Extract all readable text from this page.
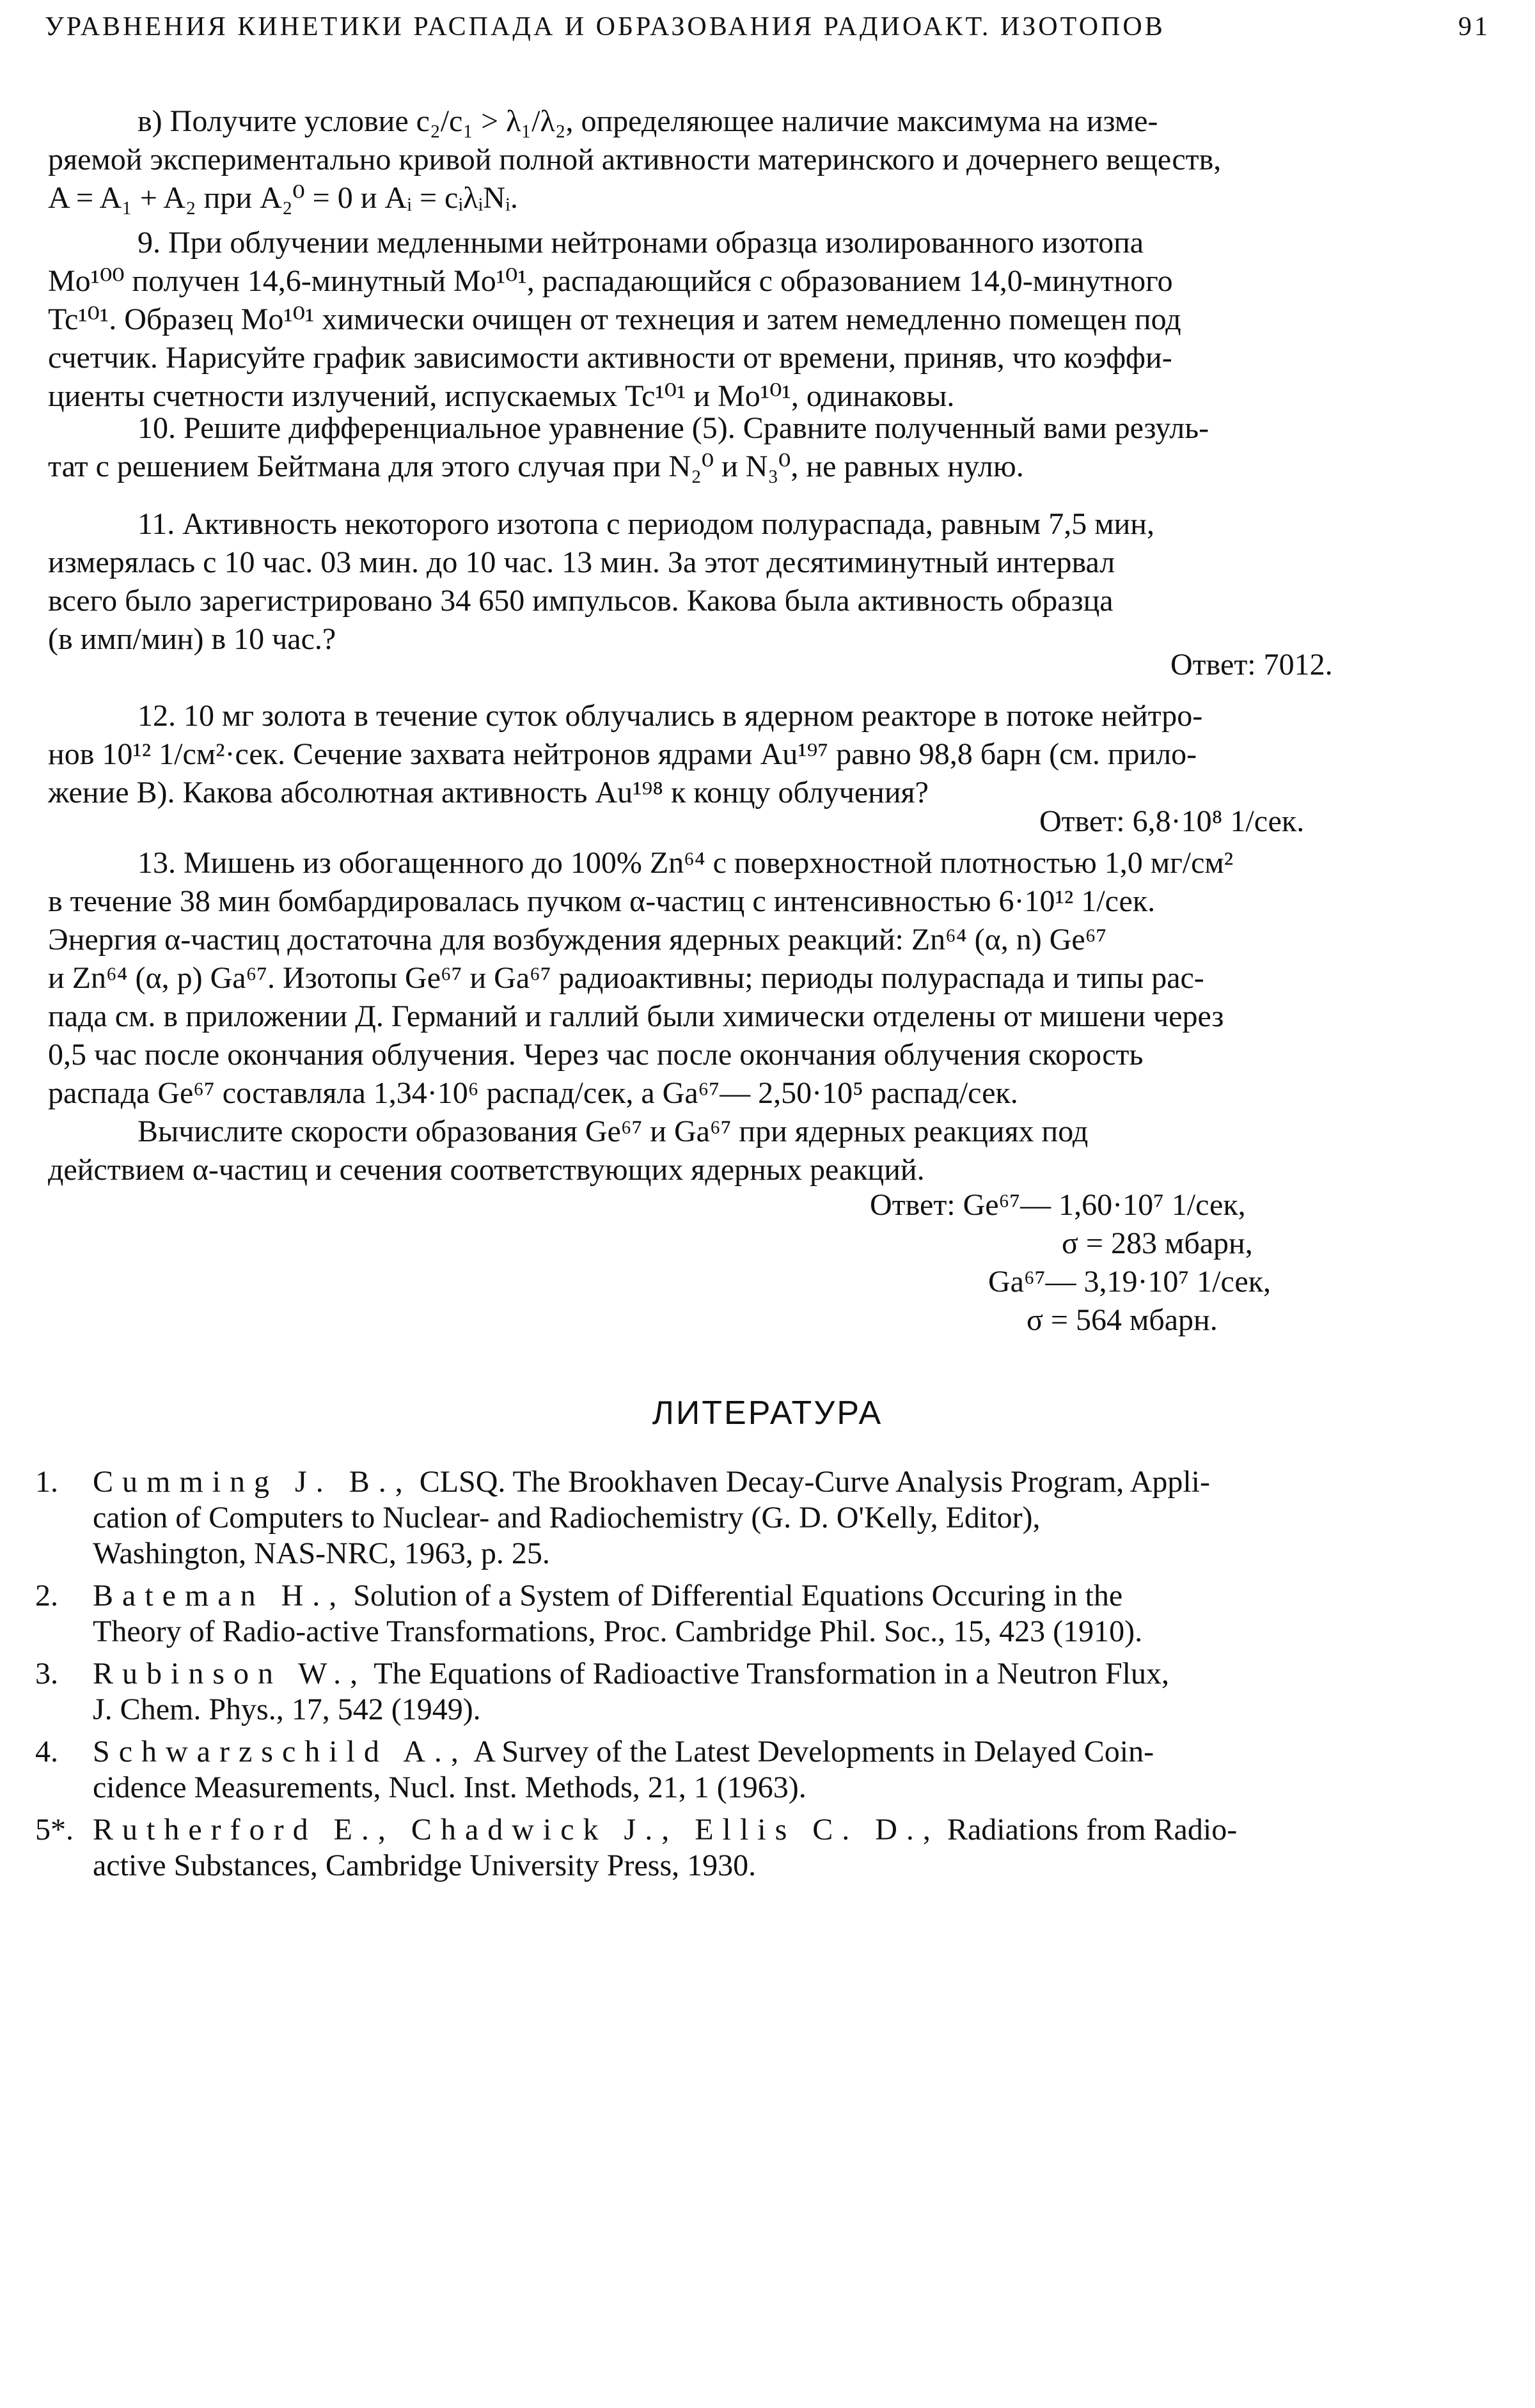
УРАВНЕНИЯ КИНЕТИКИ РАСПАДА И ОБРАЗОВАНИЯ РАДИОАКТ. ИЗОТОПОВ	91
в) Получите условие c₂/c₁ > λ₁/λ₂, определяющее наличие максимума на изме-
ряемой экспериментально кривой полной активности материнского и дочернего веществ,
A = A₁ + A₂ при A₂⁰ = 0 и Aᵢ = cᵢλᵢNᵢ.
9. При облучении медленными нейтронами образца изолированного изотопа
Mo¹⁰⁰ получен 14,6-минутный Mo¹⁰¹, распадающийся с образованием 14,0-минутного
Tc¹⁰¹. Образец Mo¹⁰¹ химически очищен от технеция и затем немедленно помещен под
счетчик. Нарисуйте график зависимости активности от времени, приняв, что коэффи-
циенты счетности излучений, испускаемых Tc¹⁰¹ и Mo¹⁰¹, одинаковы.
10. Решите дифференциальное уравнение (5). Сравните полученный вами резуль-
тат с решением Бейтмана для этого случая при N₂⁰ и N₃⁰, не равных нулю.
11. Активность некоторого изотопа с периодом полураспада, равным 7,5 мин,
измерялась с 10 час. 03 мин. до 10 час. 13 мин. За этот десятиминутный интервал
всего было зарегистрировано 34 650 импульсов. Какова была активность образца
(в имп/мин) в 10 час.?
Ответ: 7012.
12. 10 мг золота в течение суток облучались в ядерном реакторе в потоке нейтро-
нов 10¹² 1/см²·сек. Сечение захвата нейтронов ядрами Au¹⁹⁷ равно 98,8 барн (см. прило-
жение В). Какова абсолютная активность Au¹⁹⁸ к концу облучения?
Ответ: 6,8·10⁸ 1/сек.
13. Мишень из обогащенного до 100% Zn⁶⁴ с поверхностной плотностью 1,0 мг/см²
в течение 38 мин бомбардировалась пучком α-частиц с интенсивностью 6·10¹² 1/сек.
Энергия α-частиц достаточна для возбуждения ядерных реакций: Zn⁶⁴ (α, n) Ge⁶⁷
и Zn⁶⁴ (α, p) Ga⁶⁷. Изотопы Ge⁶⁷ и Ga⁶⁷ радиоактивны; периоды полураспада и типы рас-
пада см. в приложении Д. Германий и галлий были химически отделены от мишени через
0,5 час после окончания облучения. Через час после окончания облучения скорость
распада Ge⁶⁷ составляла 1,34·10⁶ распад/сек, а Ga⁶⁷— 2,50·10⁵ распад/сек.
Вычислите скорости образования Ge⁶⁷ и Ga⁶⁷ при ядерных реакциях под
действием α-частиц и сечения соответствующих ядерных реакций.
Ответ: Ge⁶⁷— 1,60·10⁷ 1/сек,
σ = 283 мбарн,
Ga⁶⁷— 3,19·10⁷ 1/сек,
σ = 564 мбарн.
ЛИТЕРАТУРА
1. Cumming J. B., CLSQ. The Brookhaven Decay-Curve Analysis Program, Appli-
cation of Computers to Nuclear- and Radiochemistry (G. D. O'Kelly, Editor),
Washington, NAS-NRC, 1963, p. 25.
2. Bateman H., Solution of a System of Differential Equations Occuring in the
Theory of Radio-active Transformations, Proc. Cambridge Phil. Soc., 15, 423 (1910).
3. Rubinson W., The Equations of Radioactive Transformation in a Neutron Flux,
J. Chem. Phys., 17, 542 (1949).
4. Schwarzschild A., A Survey of the Latest Developments in Delayed Coin-
cidence Measurements, Nucl. Inst. Methods, 21, 1 (1963).
5*. Rutherford E., Chadwick J., Ellis C. D., Radiations from Radio-
active Substances, Cambridge University Press, 1930.
